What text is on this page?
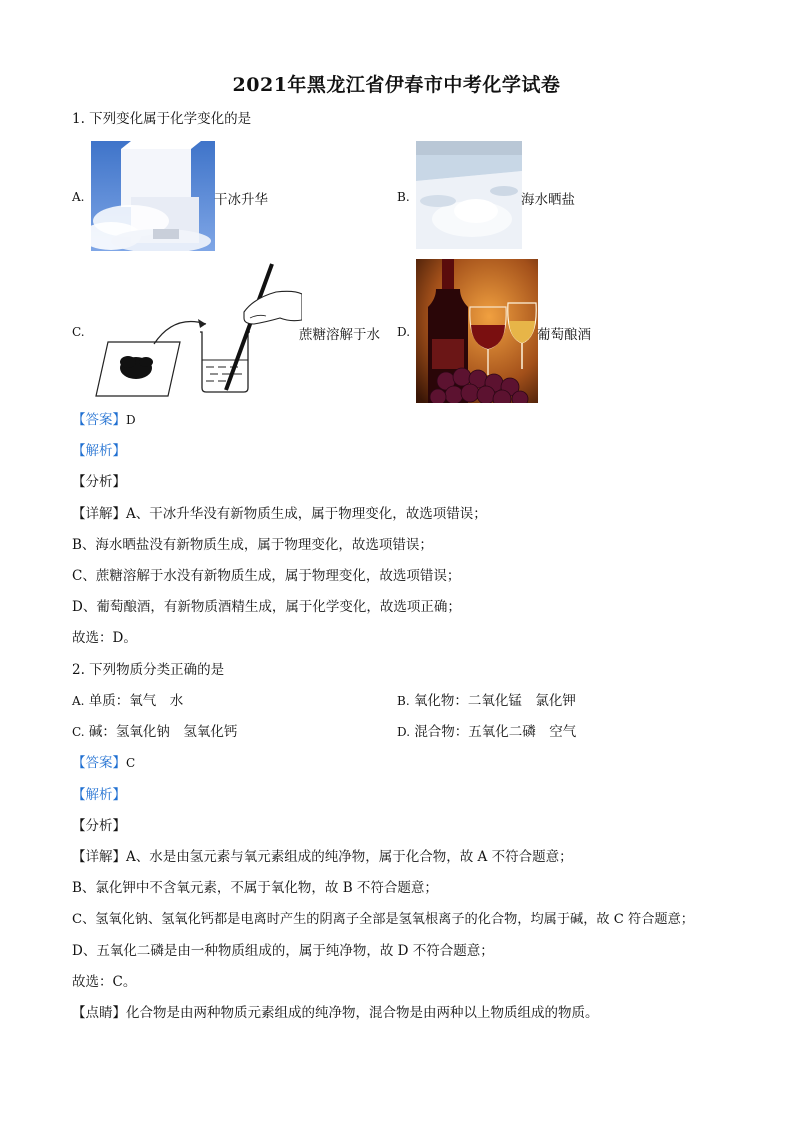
2021年黑龙江省伊春市中考化学试卷
1. 下列变化属于化学变化的是
A.	干冰升华	B.	海水晒盐
C.	蔗糖溶解于水 D.	葡萄酿酒
【答案】D
【解析】
【分析】
【详解】A、干冰升华没有新物质生成，属于物理变化，故选项错误；
B、海水晒盐没有新物质生成，属于物理变化，故选项错误；
C、蔗糖溶解于水没有新物质生成，属于物理变化，故选项错误；
D、葡萄酿酒，有新物质酒精生成，属于化学变化，故选项正确；
故选：D。
2. 下列物质分类正确的是
A. 单质：氧气　水	B. 氧化物：二氧化锰　氯化钾
C. 碱：氢氧化钠　氢氧化钙	D. 混合物：五氧化二磷　空气
【答案】C
【解析】
【分析】
【详解】A、水是由氢元素与氧元素组成的纯净物，属于化合物，故 A 不符合题意；
B、氯化钾中不含氧元素，不属于氧化物，故 B 不符合题意；
C、氢氧化钠、氢氧化钙都是电离时产生的阴离子全部是氢氧根离子的化合物，均属于碱，故 C 符合题意；
D、五氧化二磷是由一种物质组成的，属于纯净物，故 D 不符合题意；
故选：C。
【点睛】化合物是由两种物质元素组成的纯净物，混合物是由两种以上物质组成的物质。
